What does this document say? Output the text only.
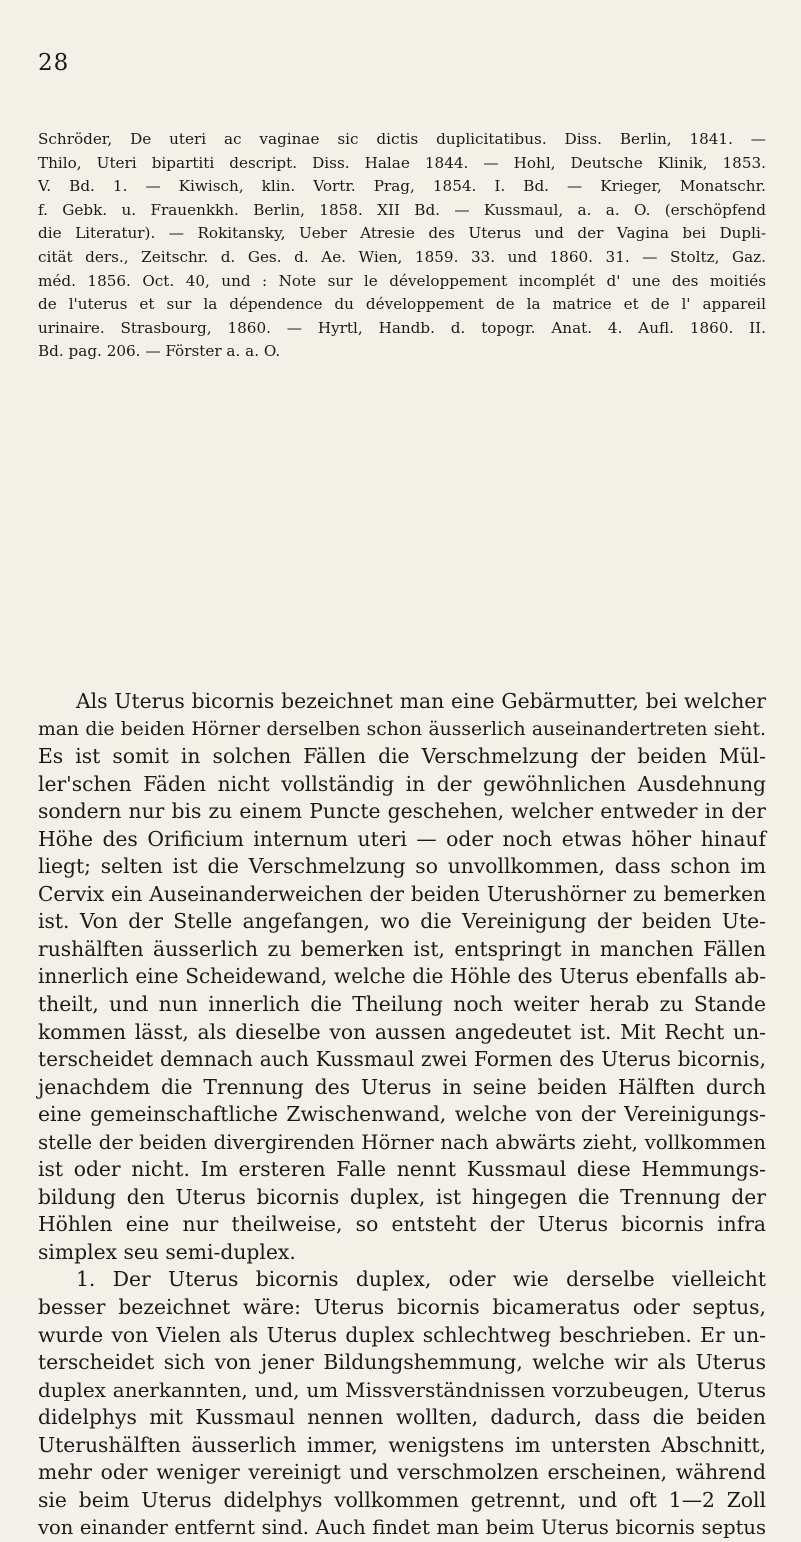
28
Schröder, De uteri ac vaginae sic dictis duplicitatibus. Diss. Berlin, 1841. —
Thilo, Uteri bipartiti descript. Diss. Halae 1844. — Hohl, Deutsche Klinik, 1853.
V. Bd. 1. — Kiwisch, klin. Vortr. Prag, 1854. I. Bd. — Krieger, Monatschr.
f. Gebk. u. Frauenkkh. Berlin, 1858. XII Bd. — Kussmaul, a. a. O. (erschöpfend
die Literatur). — Rokitansky, Ueber Atresie des Uterus und der Vagina bei Dupli-
cität ders., Zeitschr. d. Ges. d. Ae. Wien, 1859. 33. und 1860. 31. — Stoltz, Gaz.
méd. 1856. Oct. 40, und : Note sur le développement incomplét d' une des moitiés
de l'uterus et sur la dépendence du développement de la matrice et de l' appareil
urinaire. Strasbourg, 1860. — Hyrtl, Handb. d. topogr. Anat. 4. Aufl. 1860. II.
Bd. pag. 206. — Förster a. a. O.
Als Uterus bicornis bezeichnet man eine Gebärmutter, bei welcher
man die beiden Hörner derselben schon äusserlich auseinandertreten sieht.
Es ist somit in solchen Fällen die Verschmelzung der beiden Mül-
ler'schen Fäden nicht vollständig in der gewöhnlichen Ausdehnung
sondern nur bis zu einem Puncte geschehen, welcher entweder in der
Höhe des Orificium internum uteri — oder noch etwas höher hinauf
liegt; selten ist die Verschmelzung so unvollkommen, dass schon im
Cervix ein Auseinanderweichen der beiden Uterushörner zu bemerken
ist. Von der Stelle angefangen, wo die Vereinigung der beiden Ute-
rushälften äusserlich zu bemerken ist, entspringt in manchen Fällen
innerlich eine Scheidewand, welche die Höhle des Uterus ebenfalls ab-
theilt, und nun innerlich die Theilung noch weiter herab zu Stande
kommen lässt, als dieselbe von aussen angedeutet ist. Mit Recht un-
terscheidet demnach auch Kussmaul zwei Formen des Uterus bicornis,
jenachdem die Trennung des Uterus in seine beiden Hälften durch
eine gemeinschaftliche Zwischenwand, welche von der Vereinigungs-
stelle der beiden divergirenden Hörner nach abwärts zieht, vollkommen
ist oder nicht. Im ersteren Falle nennt Kussmaul diese Hemmungs-
bildung den Uterus bicornis duplex, ist hingegen die Trennung der
Höhlen eine nur theilweise, so entsteht der Uterus bicornis infra
simplex seu semi-duplex.
1. Der Uterus bicornis duplex, oder wie derselbe vielleicht
besser bezeichnet wäre: Uterus bicornis bicameratus oder septus,
wurde von Vielen als Uterus duplex schlechtweg beschrieben. Er un-
terscheidet sich von jener Bildungshemmung, welche wir als Uterus
duplex anerkannten, und, um Missverständnissen vorzubeugen, Uterus
didelphys mit Kussmaul nennen wollten, dadurch, dass die beiden
Uterushälften äusserlich immer, wenigstens im untersten Abschnitt,
mehr oder weniger vereinigt und verschmolzen erscheinen, während
sie beim Uterus didelphys vollkommen getrennt, und oft 1—2 Zoll
von einander entfernt sind. Auch findet man beim Uterus bicornis septus
